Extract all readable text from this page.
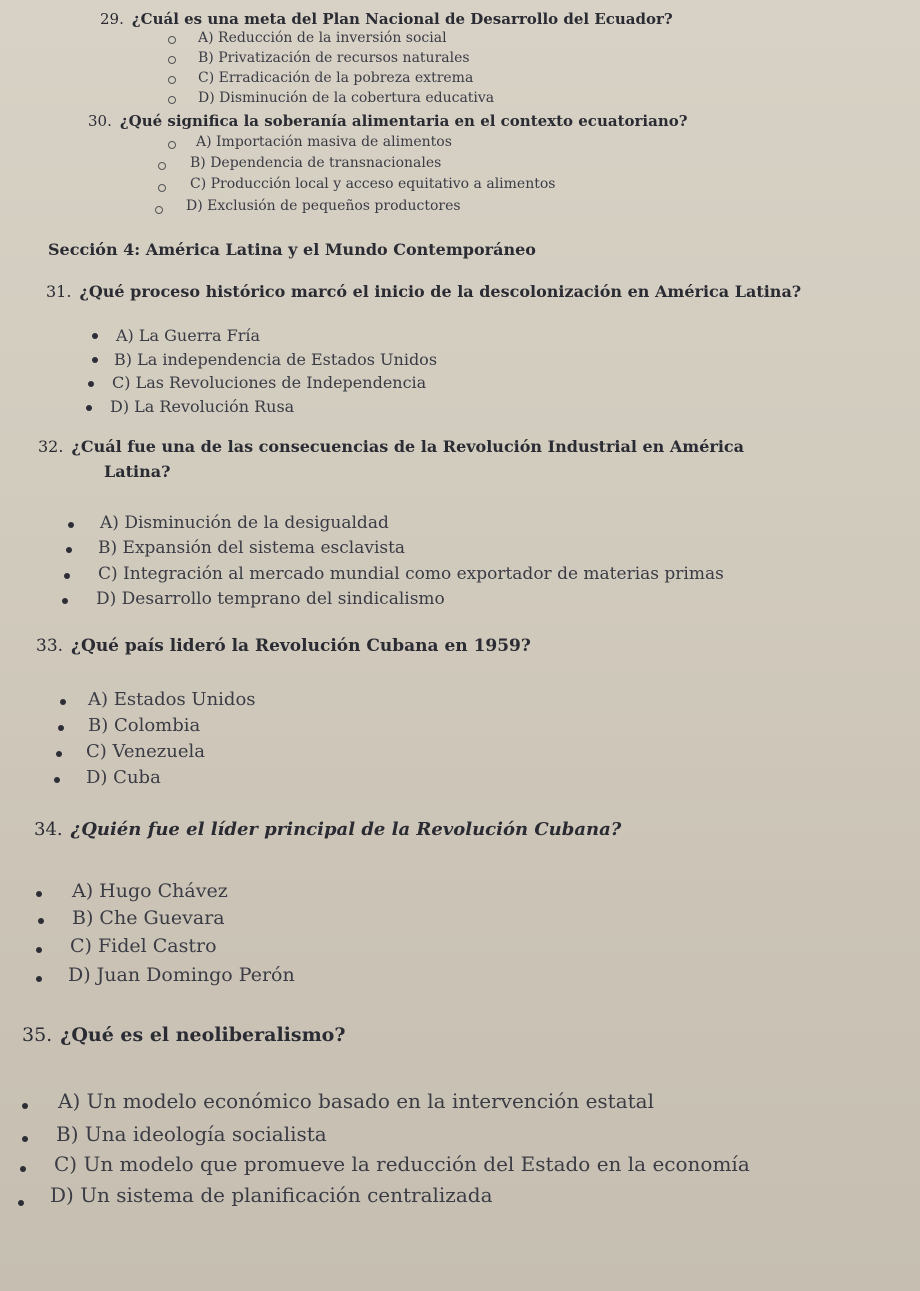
29. ¿Cuál es una meta del Plan Nacional de Desarrollo del Ecuador?
A) Reducción de la inversión social
B) Privatización de recursos naturales
C) Erradicación de la pobreza extrema
D) Disminución de la cobertura educativa
30. ¿Qué significa la soberanía alimentaria en el contexto ecuatoriano?
A) Importación masiva de alimentos
B) Dependencia de transnacionales
C) Producción local y acceso equitativo a alimentos
D) Exclusión de pequeños productores
Sección 4: América Latina y el Mundo Contemporáneo
31. ¿Qué proceso histórico marcó el inicio de la descolonización en América Latina?
A) La Guerra Fría
B) La independencia de Estados Unidos
C) Las Revoluciones de Independencia
D) La Revolución Rusa
32. ¿Cuál fue una de las consecuencias de la Revolución Industrial en América
Latina?
A) Disminución de la desigualdad
B) Expansión del sistema esclavista
C) Integración al mercado mundial como exportador de materias primas
D) Desarrollo temprano del sindicalismo
33. ¿Qué país lideró la Revolución Cubana en 1959?
A) Estados Unidos
B) Colombia
C) Venezuela
D) Cuba
34. ¿Quién fue el líder principal de la Revolución Cubana?
A) Hugo Chávez
B) Che Guevara
C) Fidel Castro
D) Juan Domingo Perón
35. ¿Qué es el neoliberalismo?
A) Un modelo económico basado en la intervención estatal
B) Una ideología socialista
C) Un modelo que promueve la reducción del Estado en la economía
D) Un sistema de planificación centralizada
